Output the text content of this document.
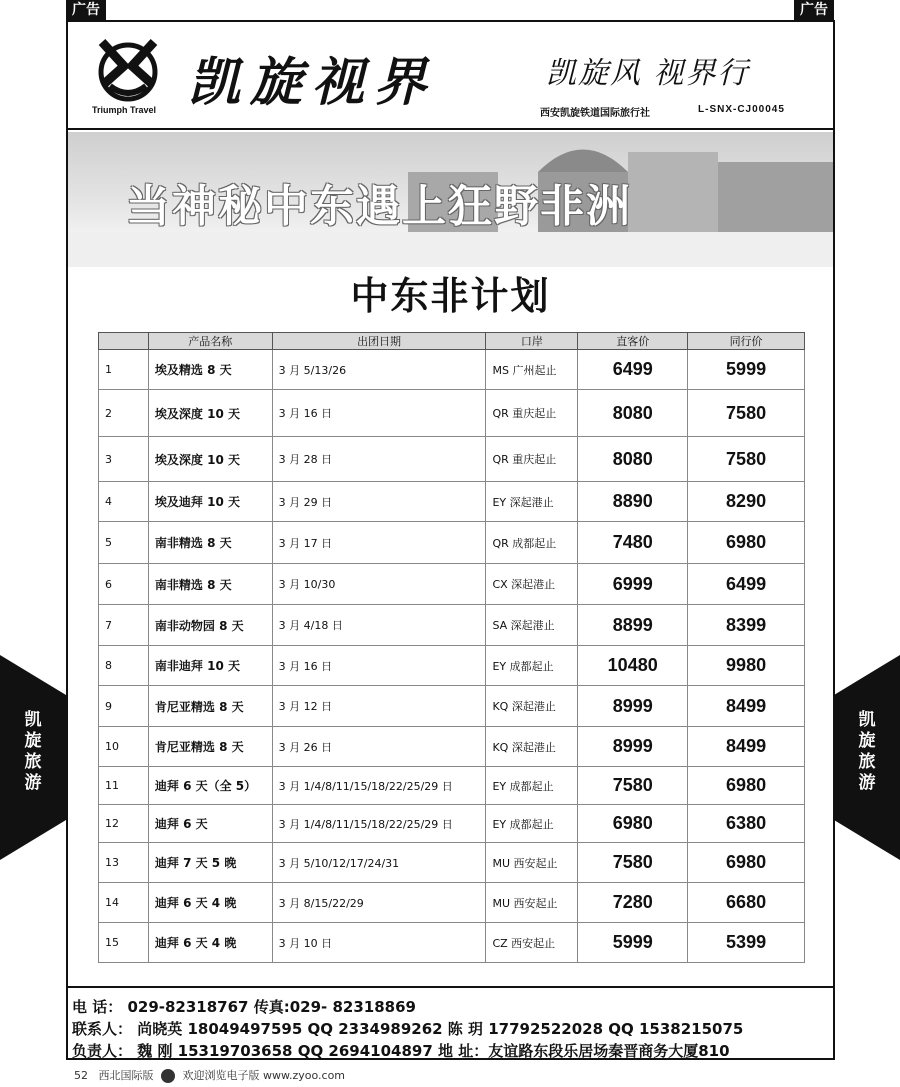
广告	广告
Triumph Travel 凯旋视界	凯旋风 视界行
西安凯旋铁道国际旅行社	L-SNX-CJ00045
当神秘中东遇上狂野非洲
中东非计划
	产品名称	出团日期	口岸	直客价	同行价
1	埃及精选 8 天	3 月 5/13/26	MS 广州起止	6499	5999
2	埃及深度 10 天	3 月 16 日	QR 重庆起止	8080	7580
3	埃及深度 10 天	3 月 28 日	QR 重庆起止	8080	7580
4	埃及迪拜 10 天	3 月 29 日	EY 深起港止	8890	8290
5	南非精选 8 天	3 月 17 日	QR 成都起止	7480	6980
6	南非精选 8 天	3 月 10/30	CX 深起港止	6999	6499
7	南非动物园 8 天	3 月 4/18 日	SA 深起港止	8899	8399
8	南非迪拜 10 天	3 月 16 日	EY 成都起止	10480	9980
9	肯尼亚精选 8 天	3 月 12 日	KQ 深起港止	8999	8499
10	肯尼亚精选 8 天	3 月 26 日	KQ 深起港止	8999	8499
11	迪拜 6 天（全 5）	3 月 1/4/8/11/15/18/22/25/29 日	EY 成都起止	7580	6980
12	迪拜 6 天	3 月 1/4/8/11/15/18/22/25/29 日	EY 成都起止	6980	6380
13	迪拜 7 天 5 晚	3 月 5/10/12/17/24/31	MU 西安起止	7580	6980
14	迪拜 6 天 4 晚	3 月 8/15/22/29	MU 西安起止	7280	6680
15	迪拜 6 天 4 晚	3 月 10 日	CZ 西安起止	5999	5399
电 话： 029-82318767 传真:029- 82318869
联系人： 尚晓英 18049497595 QQ 2334989262 陈 玥 17792522028 QQ 1538215075
负责人： 魏 刚 15319703658 QQ 2694104897 地 址：友谊路东段乐居场秦晋商务大厦810
52 西北国际版	欢迎浏览电子版 www.zyoo.com
凯
旋
旅
游
凯
旋
旅
游
